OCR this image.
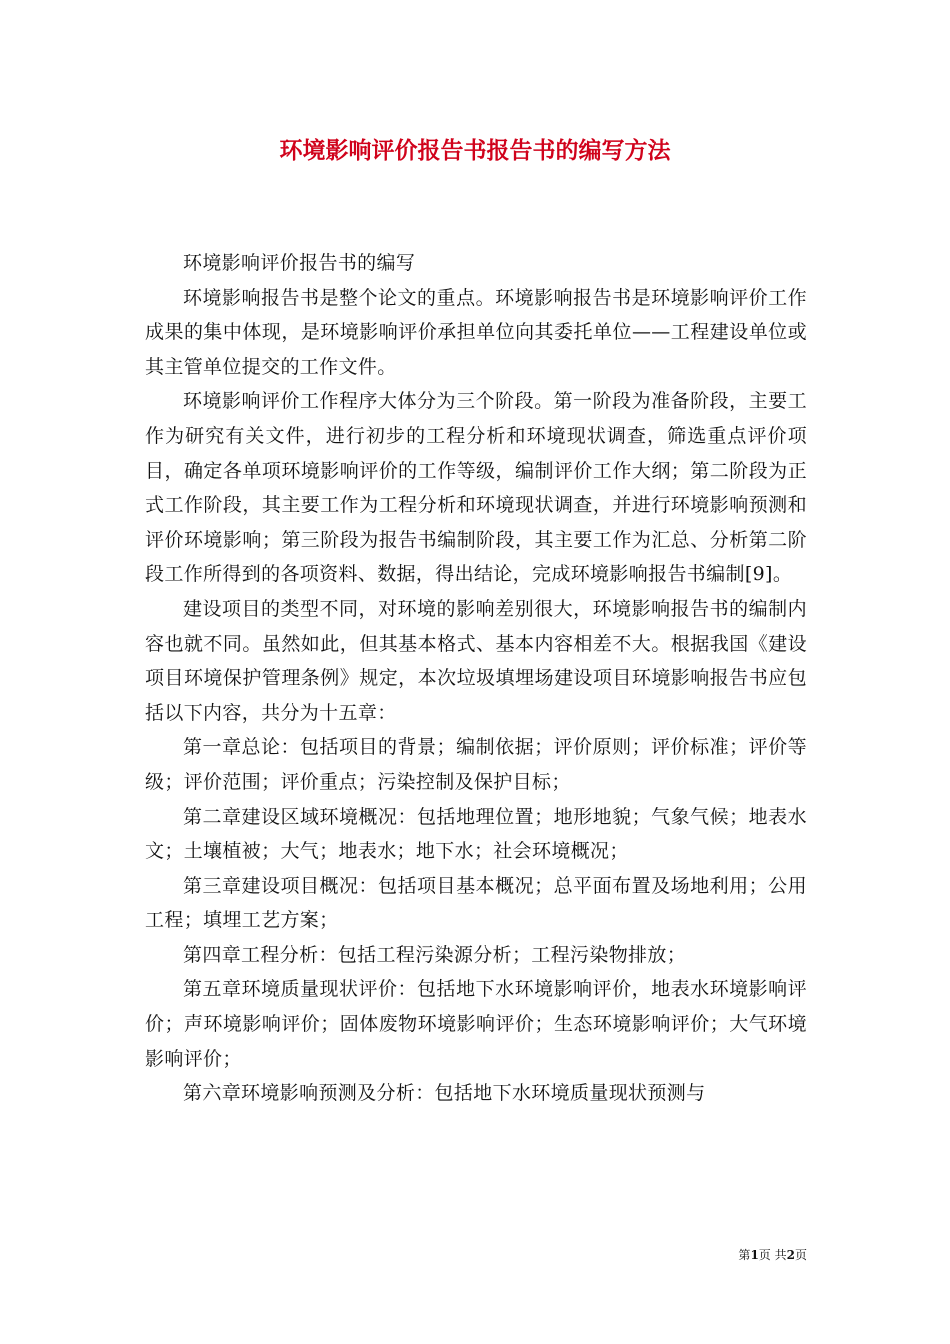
环境影响评价报告书报告书的编写方法

环境影响评价报告书的编写

环境影响报告书是整个论文的重点。环境影响报告书是环境影响评价工作成果的集中体现，是环境影响评价承担单位向其委托单位——工程建设单位或其主管单位提交的工作文件。

环境影响评价工作程序大体分为三个阶段。第一阶段为准备阶段，主要工作为研究有关文件，进行初步的工程分析和环境现状调查，筛选重点评价项目，确定各单项环境影响评价的工作等级，编制评价工作大纲；第二阶段为正式工作阶段，其主要工作为工程分析和环境现状调查，并进行环境影响预测和评价环境影响；第三阶段为报告书编制阶段，其主要工作为汇总、分析第二阶段工作所得到的各项资料、数据，得出结论，完成环境影响报告书编制[9]。

建设项目的类型不同，对环境的影响差别很大，环境影响报告书的编制内容也就不同。虽然如此，但其基本格式、基本内容相差不大。根据我国《建设项目环境保护管理条例》规定，本次垃圾填埋场建设项目环境影响报告书应包括以下内容，共分为十五章：

第一章总论：包括项目的背景；编制依据；评价原则；评价标准；评价等级；评价范围；评价重点；污染控制及保护目标；

第二章建设区域环境概况：包括地理位置；地形地貌；气象气候；地表水文；土壤植被；大气；地表水；地下水；社会环境概况；

第三章建设项目概况：包括项目基本概况；总平面布置及场地利用；公用工程；填埋工艺方案；

第四章工程分析：包括工程污染源分析；工程污染物排放；

第五章环境质量现状评价：包括地下水环境影响评价，地表水环境影响评价；声环境影响评价；固体废物环境影响评价；生态环境影响评价；大气环境影响评价；

第六章环境影响预测及分析：包括地下水环境质量现状预测与

第1页 共2页
